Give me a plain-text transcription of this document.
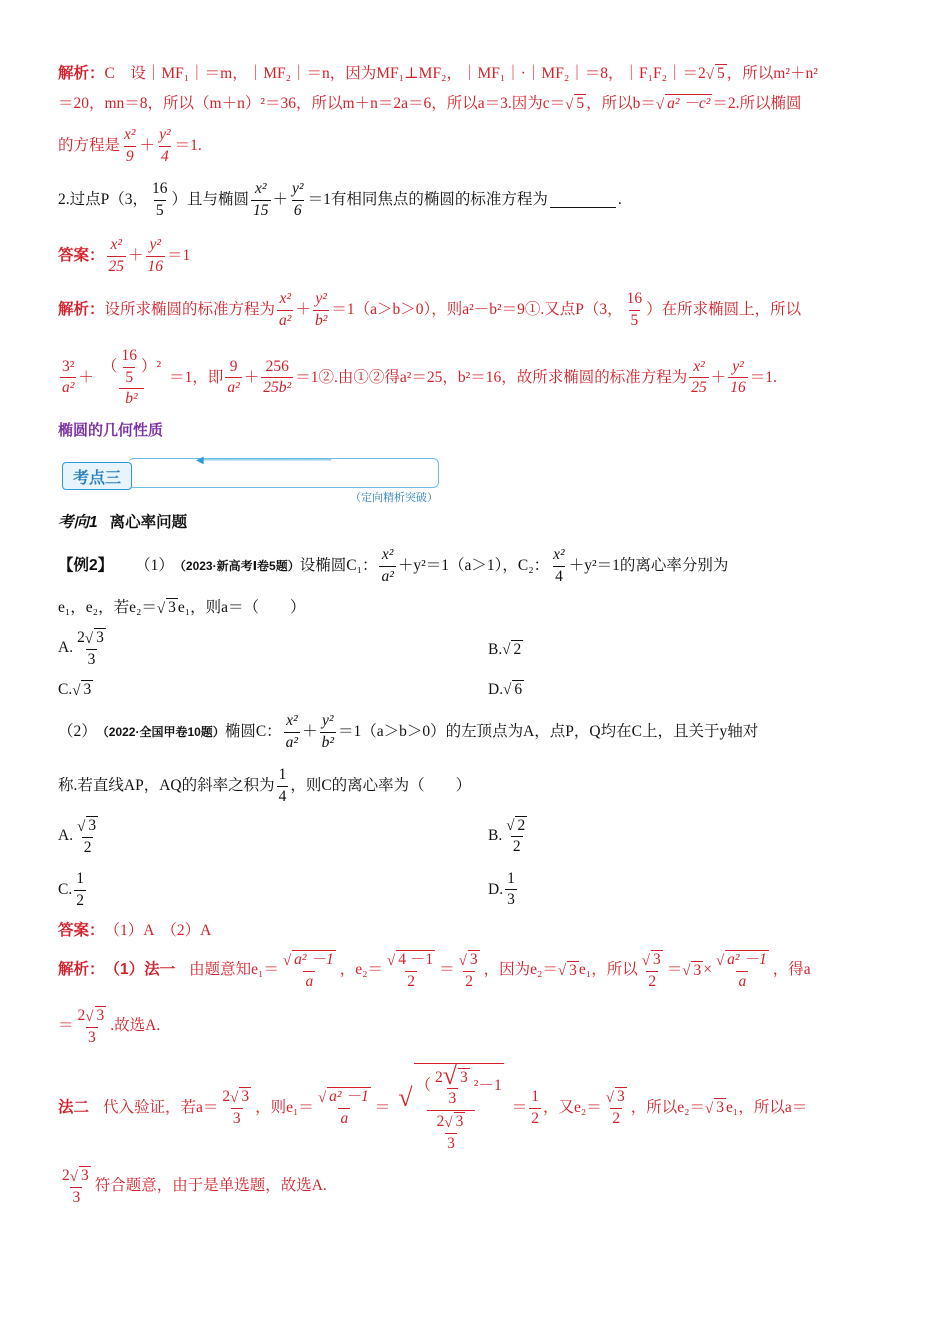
解析： C　设｜MF₁｜＝m，｜MF₂｜＝n，因为MF₁⊥MF₂，｜MF₁｜·｜MF₂｜＝8，｜F₁F₂｜＝2 √ 5 ，所以m²＋n²
＝20，mn＝8，所以（m＋n）²＝36，所以m＋n＝2a＝6，所以a＝3.因为c＝ √ 5 ，所以b＝ √ a² －c² ＝2.所以椭圆
的方程是 $\frac{\text{x²}}{9} + \frac{\text{y²}}{4} =1$.
2.过点P（3， $\frac{16}{5}$ ）且与椭圆 $\frac{\text{x²}}{15} + \frac{\text{y²}}{6} =1$有相同焦点的椭圆的标准方程为	.
答案： $\frac{\text{x²}}{25} + \frac{\text{y²}}{16} =1$
解析： 设所求椭圆的标准方程为 $\frac{\text{x²}}{\text{a²}} + \frac{\text{y²}}{\text{b²}} =1(a>b>0)$，则a²－b²＝9①.又点P（3， $\frac{16}{5}$ ）在所求椭圆上，所以
$\frac{\text{3²}}{\text{a²}} + \frac{( \frac{16}{5} )^2}{\text{b²}} =1$，即 $\frac{9}{\text{a²}} + \frac{256}{\text{25b²}}$ ＝1②.由①②得a²＝25，b²＝16，故所求椭圆的标准方程为 $\frac{\text{x²}}{25} + \frac{\text{y²}}{16} =1$.
椭圆的几何性质
◀──────────────────
考点三
（定向精析突破）
考向1 离心率问题
【例2】 （1） （2023·新高考Ⅰ卷5题） 设椭圆C₁： $\frac{\text{x²}}{\text{a²}} +y^2=1(a>1)$，C₂： $\frac{\text{x²}}{4} +y^2=1$的离心率分别为
e₁，e₂，若e₂＝ √ 3 e₁，则a＝（　　）
A. $\frac{2 √ 3}{3}$	B. √ 2
C. √ 3	D. √ 6
（2） （2022·全国甲卷10题） 椭圆C： $\frac{\text{x²}}{\text{a²}} + \frac{\text{y²}}{\text{b²}} =1(a>b>0)$的左顶点为A，点P，Q均在C上，且关于y轴对
称.若直线AP，AQ的斜率之积为 $\frac{1}{4}$ ，则C的离心率为（　　）
A. $\frac{√ 3}{2}$	B. $\frac{√ 2}{2}$
C. $\frac{1}{2}$	D. $\frac{1}{3}$
答案： （1）A　（2）A
解析： （1）法一 由题意知$e_1= \frac{\text{√ a² －1}}{a}$ ，$e_2= \frac{√ 4 -1}{2} = \frac{√ 3}{2}$ ，因为e₂＝ √ 3 e₁，所以 $\frac{√ 3}{2}$ ＝ √ $3 \times \frac{\text{√ a² －1}}{a}$ ，得a
＝ $\frac{2 √ 3}{3}$ .故选A.
法二 代入验证，若$a= \frac{2 √ 3}{3}$ ，则$e_1= \frac{\text{√ a² －1}}{a} = \frac{√ ( \frac{2 √ 3}{3} ^2-1}{\frac{2 √ 3}{3}} = \frac{1}{2}$ ，又$e_2= \frac{√ 3}{2}$ ，所以e₂＝ √ 3 e₁，所以a＝
$\frac{2 √ 3}{3}$ 符合题意，由于是单选题，故选A.
